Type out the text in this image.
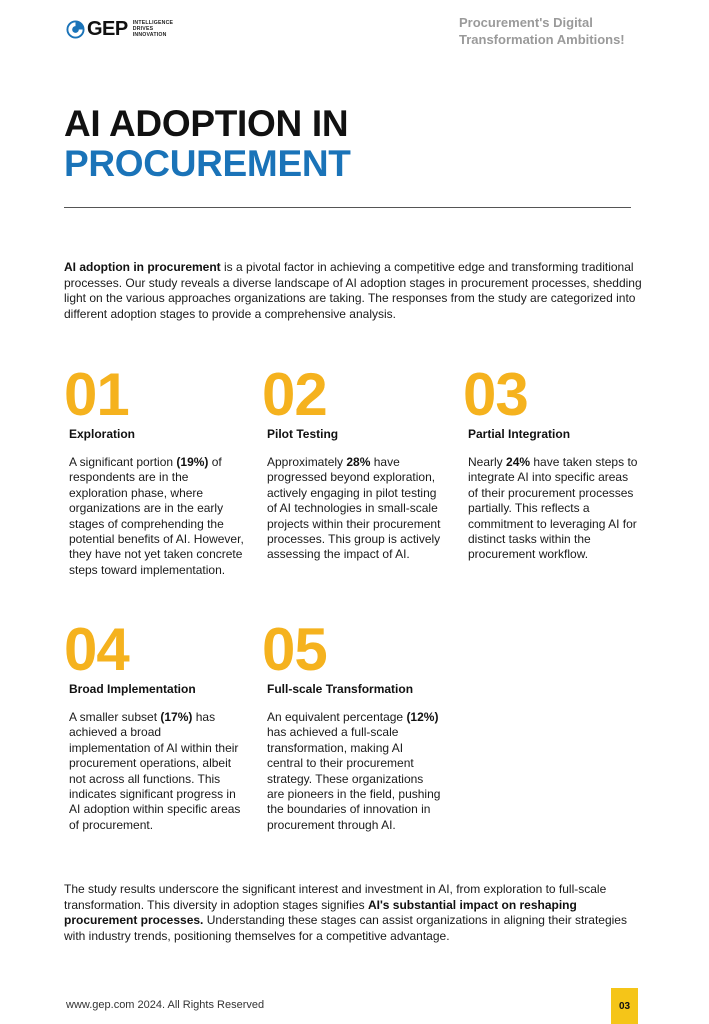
GEP INTELLIGENCE
DRIVES
INNOVATION
Procurement's Digital Transformation Ambitions!
AI ADOPTION IN
PROCUREMENT
AI adoption in procurement is a pivotal factor in achieving a competitive edge and transforming traditional processes. Our study reveals a diverse landscape of AI adoption stages in procurement processes, shedding light on the various approaches organizations are taking. The responses from the study are categorized into different adoption stages to provide a comprehensive analysis.
01
Exploration
A significant portion (19%) of respondents are in the exploration phase, where organizations are in the early stages of comprehending the potential benefits of AI. However, they have not yet taken concrete steps toward implementation.
02
Pilot Testing
Approximately 28% have progressed beyond exploration, actively engaging in pilot testing of AI technologies in small-scale projects within their procurement processes. This group is actively assessing the impact of AI.
03
Partial Integration
Nearly 24% have taken steps to integrate AI into specific areas of their procurement processes partially. This reflects a commitment to leveraging AI for distinct tasks within the procurement workflow.
04
Broad Implementation
A smaller subset (17%) has achieved a broad implementation of AI within their procurement operations, albeit not across all functions. This indicates significant progress in AI adoption within specific areas of procurement.
05
Full-scale Transformation
An equivalent percentage (12%) has achieved a full-scale transformation, making AI central to their procurement strategy. These organizations are pioneers in the field, pushing the boundaries of innovation in procurement through AI.
The study results underscore the significant interest and investment in AI, from exploration to full-scale transformation. This diversity in adoption stages signifies AI's substantial impact on reshaping procurement processes. Understanding these stages can assist organizations in aligning their strategies with industry trends, positioning themselves for a competitive advantage.
www.gep.com 2024. All Rights Reserved	03
